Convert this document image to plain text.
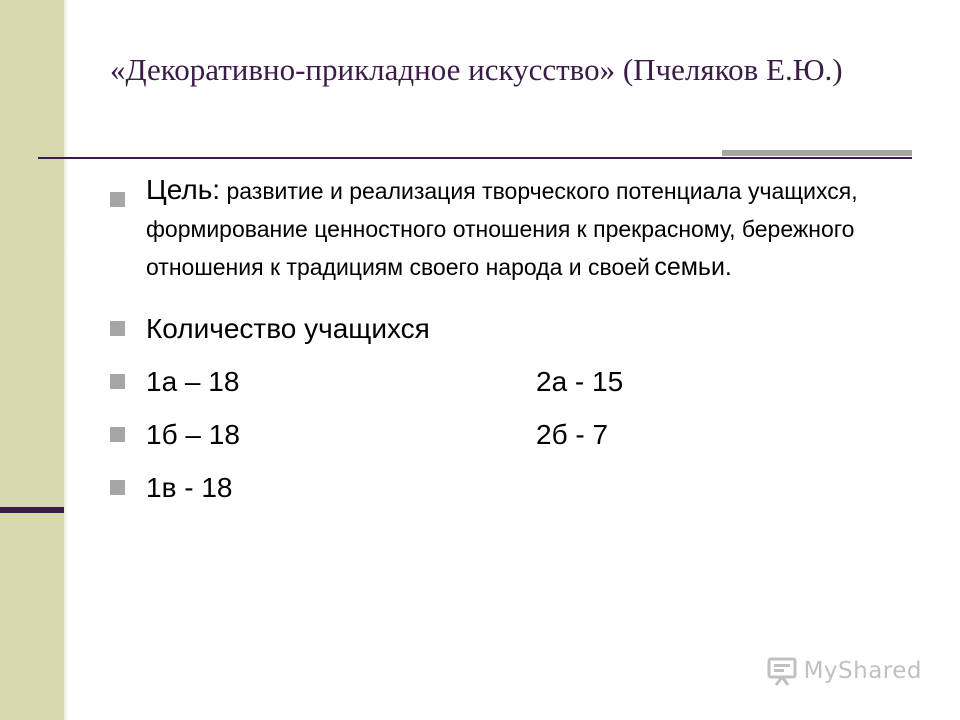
«Декоративно-прикладное искусство» (Пчеляков Е.Ю.)
Цель: развитие и реализация творческого потенциала учащихся, формирование ценностного отношения к прекрасному, бережного отношения к традициям своего народа и своей семьи.
Количество учащихся
1а – 18	2а - 15
1б – 18	2б - 7
1в - 18
MyShared
